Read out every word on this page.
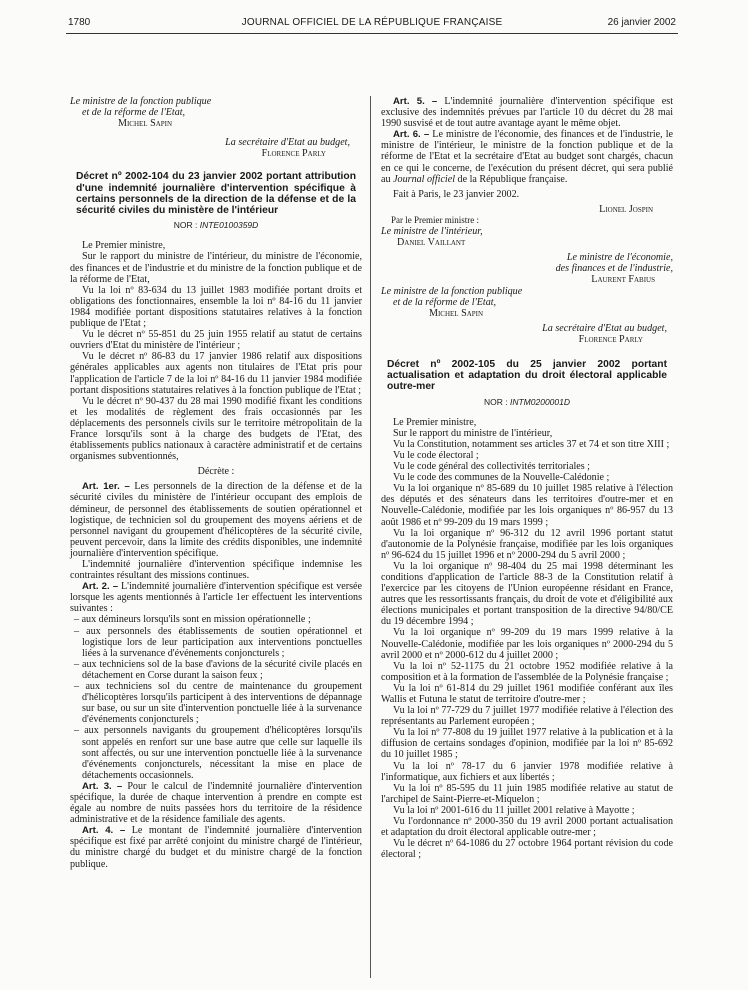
1780	JOURNAL OFFICIEL DE LA RÉPUBLIQUE FRANÇAISE	26 janvier 2002

Le ministre de la fonction publique

et de la réforme de l'Etat,

Michel Sapin

La secrétaire d'Etat au budget,

Florence Parly

Décret nº 2002-104 du 23 janvier 2002 portant attribution d'une indemnité journalière d'intervention spécifique à certains personnels de la direction de la défense et de la sécurité civiles du ministère de l'intérieur

NOR : INTE0100359D

Le Premier ministre,

Sur le rapport du ministre de l'intérieur, du ministre de l'économie, des finances et de l'industrie et du ministre de la fonction publique et de la réforme de l'Etat,

Vu la loi nº 83-634 du 13 juillet 1983 modifiée portant droits et obligations des fonctionnaires, ensemble la loi nº 84-16 du 11 janvier 1984 modifiée portant dispositions statutaires relatives à la fonction publique de l'Etat ;

Vu le décret nº 55-851 du 25 juin 1955 relatif au statut de certains ouvriers d'Etat du ministère de l'intérieur ;

Vu le décret nº 86-83 du 17 janvier 1986 relatif aux dispositions générales applicables aux agents non titulaires de l'Etat pris pour l'application de l'article 7 de la loi nº 84-16 du 11 janvier 1984 modifiée portant dispositions statutaires relatives à la fonction publique de l'Etat ;

Vu le décret nº 90-437 du 28 mai 1990 modifié fixant les conditions et les modalités de règlement des frais occasionnés par les déplacements des personnels civils sur le territoire métropolitain de la France lorsqu'ils sont à la charge des budgets de l'Etat, des établissements publics nationaux à caractère administratif et de certains organismes subventionnés,

Décrète :

Art. 1er. – Les personnels de la direction de la défense et de la sécurité civiles du ministère de l'intérieur occupant des emplois de démineur, de personnel des établissements de soutien opérationnel et logistique, de technicien sol du groupement des moyens aériens et de personnel navigant du groupement d'hélicoptères de la sécurité civile, peuvent percevoir, dans la limite des crédits disponibles, une indemnité journalière d'intervention spécifique.

L'indemnité journalière d'intervention spécifique indemnise les contraintes résultant des missions continues.

Art. 2. – L'indemnité journalière d'intervention spécifique est versée lorsque les agents mentionnés à l'article 1er effectuent les interventions suivantes :

– aux démineurs lorsqu'ils sont en mission opérationnelle ;

– aux personnels des établissements de soutien opérationnel et logistique lors de leur participation aux interventions ponctuelles liées à la survenance d'événements conjoncturels ;

– aux techniciens sol de la base d'avions de la sécurité civile placés en détachement en Corse durant la saison feux ;

– aux techniciens sol du centre de maintenance du groupement d'hélicoptères lorsqu'ils participent à des interventions de dépannage sur base, ou sur un site d'intervention ponctuelle liée à la survenance d'événements conjoncturels ;

– aux personnels navigants du groupement d'hélicoptères lorsqu'ils sont appelés en renfort sur une base autre que celle sur laquelle ils sont affectés, ou sur une intervention ponctuelle liée à la survenance d'événements conjoncturels, nécessitant la mise en place de détachements occasionnels.

Art. 3. – Pour le calcul de l'indemnité journalière d'intervention spécifique, la durée de chaque intervention à prendre en compte est égale au nombre de nuits passées hors du territoire de la résidence administrative et de la résidence familiale des agents.

Art. 4. – Le montant de l'indemnité journalière d'intervention spécifique est fixé par arrêté conjoint du ministre chargé de l'intérieur, du ministre chargé du budget et du ministre chargé de la fonction publique.

Art. 5. – L'indemnité journalière d'intervention spécifique est exclusive des indemnités prévues par l'article 10 du décret du 28 mai 1990 susvisé et de tout autre avantage ayant le même objet.

Art. 6. – Le ministre de l'économie, des finances et de l'industrie, le ministre de l'intérieur, le ministre de la fonction publique et de la réforme de l'Etat et la secrétaire d'Etat au budget sont chargés, chacun en ce qui le concerne, de l'exécution du présent décret, qui sera publié au Journal officiel de la République française.

Fait à Paris, le 23 janvier 2002.

Lionel Jospin

Par le Premier ministre :

Le ministre de l'intérieur,

Daniel Vaillant

Le ministre de l'économie,

des finances et de l'industrie,

Laurent Fabius

Le ministre de la fonction publique

et de la réforme de l'Etat,

Michel Sapin

La secrétaire d'Etat au budget,

Florence Parly

Décret nº 2002-105 du 25 janvier 2002 portant actualisation et adaptation du droit électoral applicable outre-mer

NOR : INTM0200001D

Le Premier ministre,

Sur le rapport du ministre de l'intérieur,

Vu la Constitution, notamment ses articles 37 et 74 et son titre XIII ;

Vu le code électoral ;

Vu le code général des collectivités territoriales ;

Vu le code des communes de la Nouvelle-Calédonie ;

Vu la loi organique nº 85-689 du 10 juillet 1985 relative à l'élection des députés et des sénateurs dans les territoires d'outre-mer et en Nouvelle-Calédonie, modifiée par les lois organiques nº 86-957 du 13 août 1986 et nº 99-209 du 19 mars 1999 ;

Vu la loi organique nº 96-312 du 12 avril 1996 portant statut d'autonomie de la Polynésie française, modifiée par les lois organiques nº 96-624 du 15 juillet 1996 et nº 2000-294 du 5 avril 2000 ;

Vu la loi organique nº 98-404 du 25 mai 1998 déterminant les conditions d'application de l'article 88-3 de la Constitution relatif à l'exercice par les citoyens de l'Union européenne résidant en France, autres que les ressortissants français, du droit de vote et d'éligibilité aux élections municipales et portant transposition de la directive 94/80/CE du 19 décembre 1994 ;

Vu la loi organique nº 99-209 du 19 mars 1999 relative à la Nouvelle-Calédonie, modifiée par les lois organiques nº 2000-294 du 5 avril 2000 et nº 2000-612 du 4 juillet 2000 ;

Vu la loi nº 52-1175 du 21 octobre 1952 modifiée relative à la composition et à la formation de l'assemblée de la Polynésie française ;

Vu la loi nº 61-814 du 29 juillet 1961 modifiée conférant aux îles Wallis et Futuna le statut de territoire d'outre-mer ;

Vu la loi nº 77-729 du 7 juillet 1977 modifiée relative à l'élection des représentants au Parlement européen ;

Vu la loi nº 77-808 du 19 juillet 1977 relative à la publication et à la diffusion de certains sondages d'opinion, modifiée par la loi nº 85-692 du 10 juillet 1985 ;

Vu la loi nº 78-17 du 6 janvier 1978 modifiée relative à l'informatique, aux fichiers et aux libertés ;

Vu la loi nº 85-595 du 11 juin 1985 modifiée relative au statut de l'archipel de Saint-Pierre-et-Miquelon ;

Vu la loi nº 2001-616 du 11 juillet 2001 relative à Mayotte ;

Vu l'ordonnance nº 2000-350 du 19 avril 2000 portant actualisation et adaptation du droit électoral applicable outre-mer ;

Vu le décret nº 64-1086 du 27 octobre 1964 portant révision du code électoral ;
